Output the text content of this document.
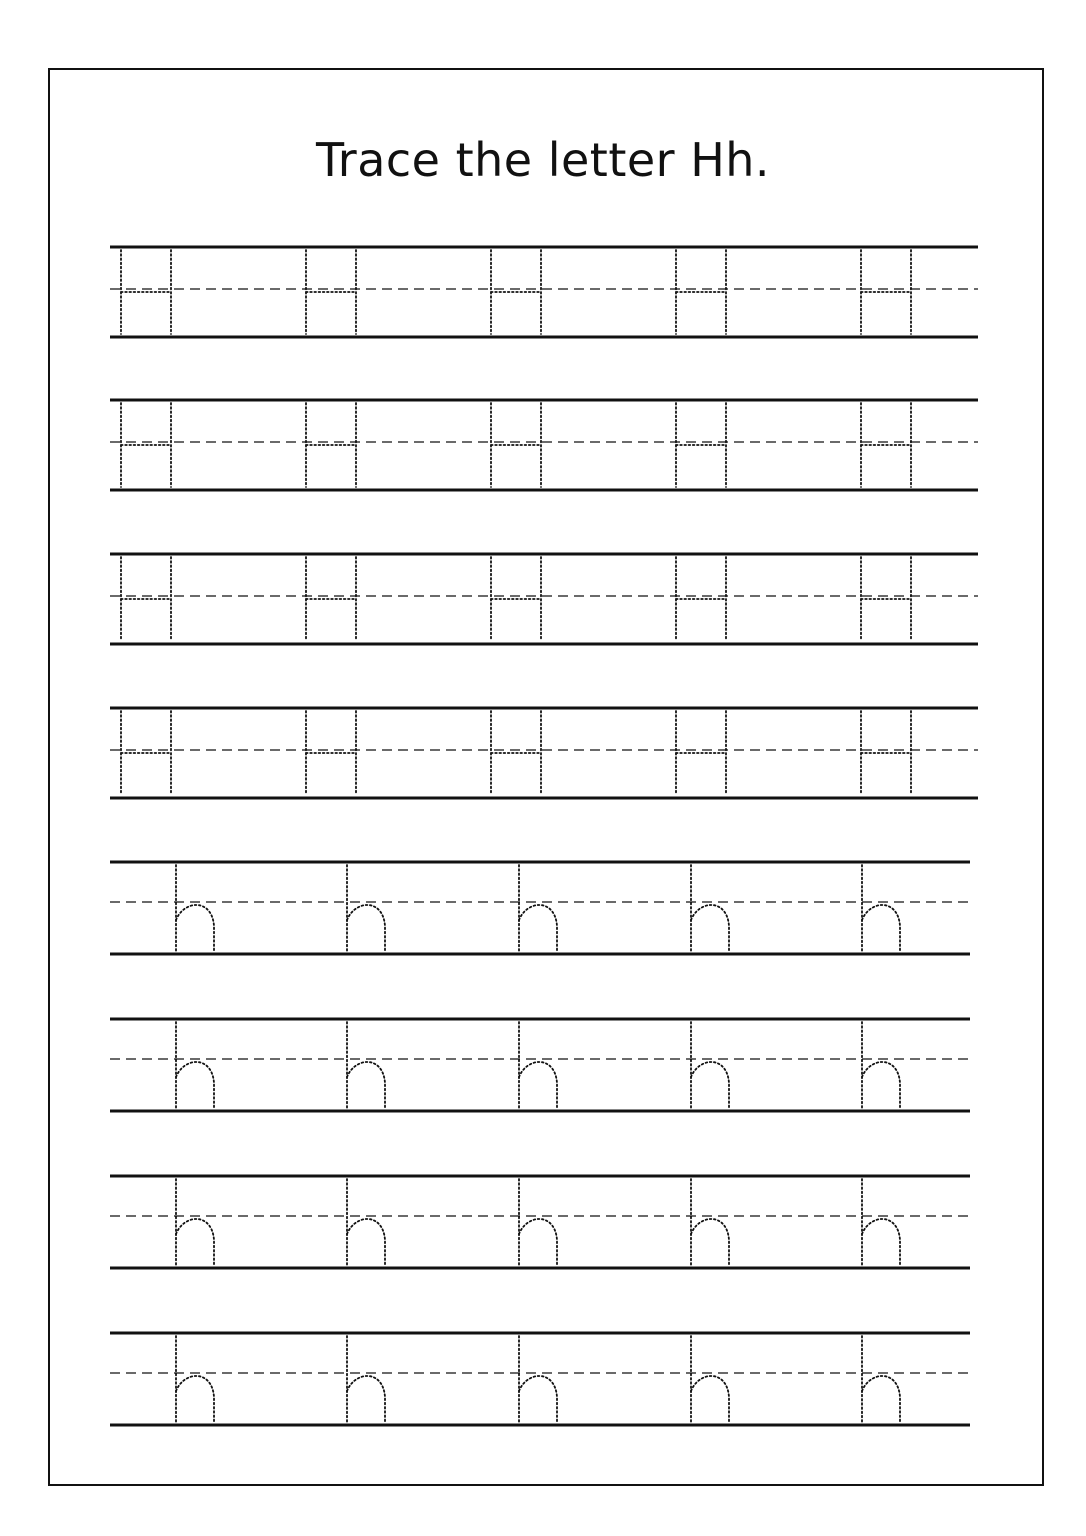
Trace the letter Hh.
